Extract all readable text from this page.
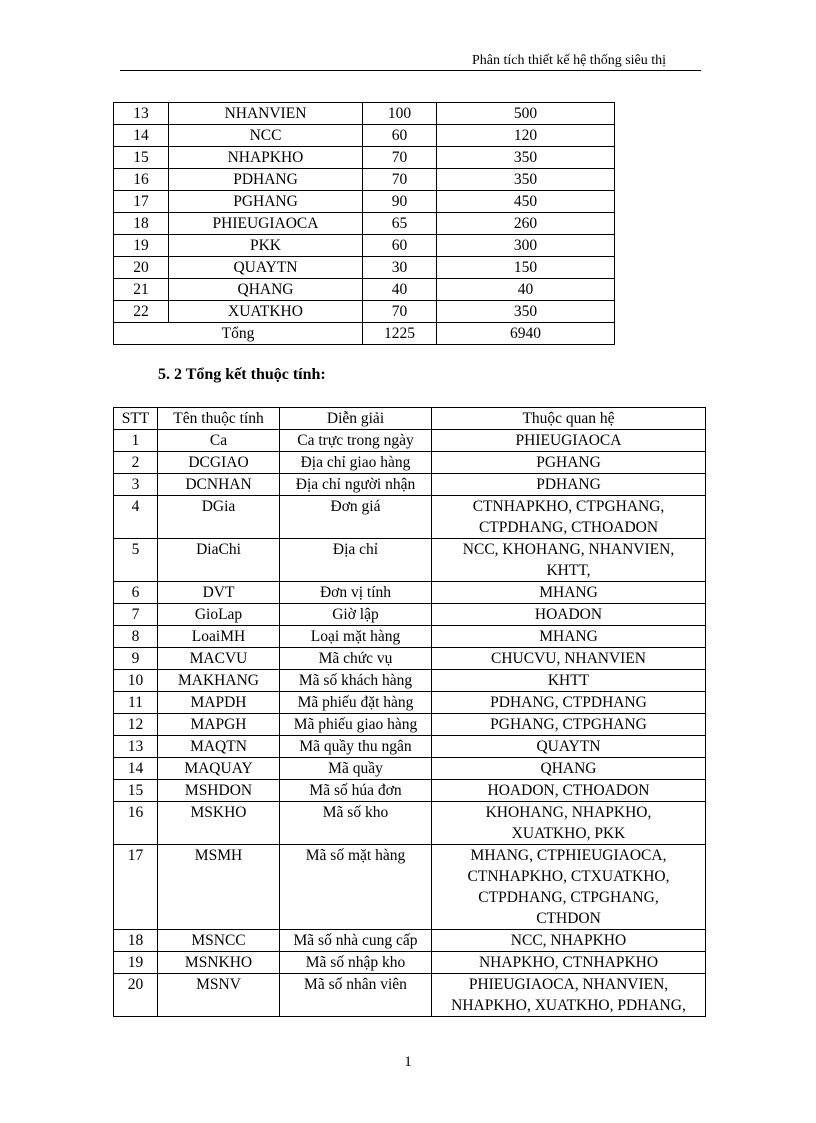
Phân tích thiết kế hệ thống siêu thị
13	NHANVIEN	100	500
14	NCC	60	120
15	NHAPKHO	70	350
16	PDHANG	70	350
17	PGHANG	90	450
18	PHIEUGIAOCA	65	260
19	PKK	60	300
20	QUAYTN	30	150
21	QHANG	40	40
22	XUATKHO	70	350
Tổng		1225	6940
5. 2 Tổng kết thuộc tính:
STT	Tên thuộc tính	Diễn giải	Thuộc quan hệ
1	Ca	Ca trực trong ngày	PHIEUGIAOCA

2	DCGIAO	Địa chỉ giao hàng	PGHANG

3	DCNHAN	Địa chỉ người nhận	PDHANG

4	DGia	Đơn giá	CTNHAPKHO, CTPGHANG,
CTPDHANG, CTHOADON

5	DiaChi	Địa chỉ	NCC, KHOHANG, NHANVIEN,
KHTT,

6	DVT	Đơn vị tính	MHANG

7	GioLap	Giờ lập	HOADON

8	LoaiMH	Loại mặt hàng	MHANG

9	MACVU	Mã chức vụ	CHUCVU, NHANVIEN

10	MAKHANG	Mã số khách hàng	KHTT

11	MAPDH	Mã phiếu đặt hàng	PDHANG, CTPDHANG

12	MAPGH	Mã phiếu giao hàng	PGHANG, CTPGHANG

13	MAQTN	Mã quầy thu ngân	QUAYTN

14	MAQUAY	Mã quầy	QHANG

15	MSHDON	Mã số húa đơn	HOADON, CTHOADON

16	MSKHO	Mã số kho	KHOHANG, NHAPKHO,
XUATKHO, PKK

17	MSMH	Mã số mặt hàng	MHANG, CTPHIEUGIAOCA,
CTNHAPKHO, CTXUATKHO,
CTPDHANG, CTPGHANG,
CTHDON

18	MSNCC	Mã số nhà cung cấp	NCC, NHAPKHO

19	MSNKHO	Mã số nhập kho	NHAPKHO, CTNHAPKHO

20	MSNV	Mã số nhân viên	PHIEUGIAOCA, NHANVIEN,
NHAPKHO, XUATKHO, PDHANG,
1
